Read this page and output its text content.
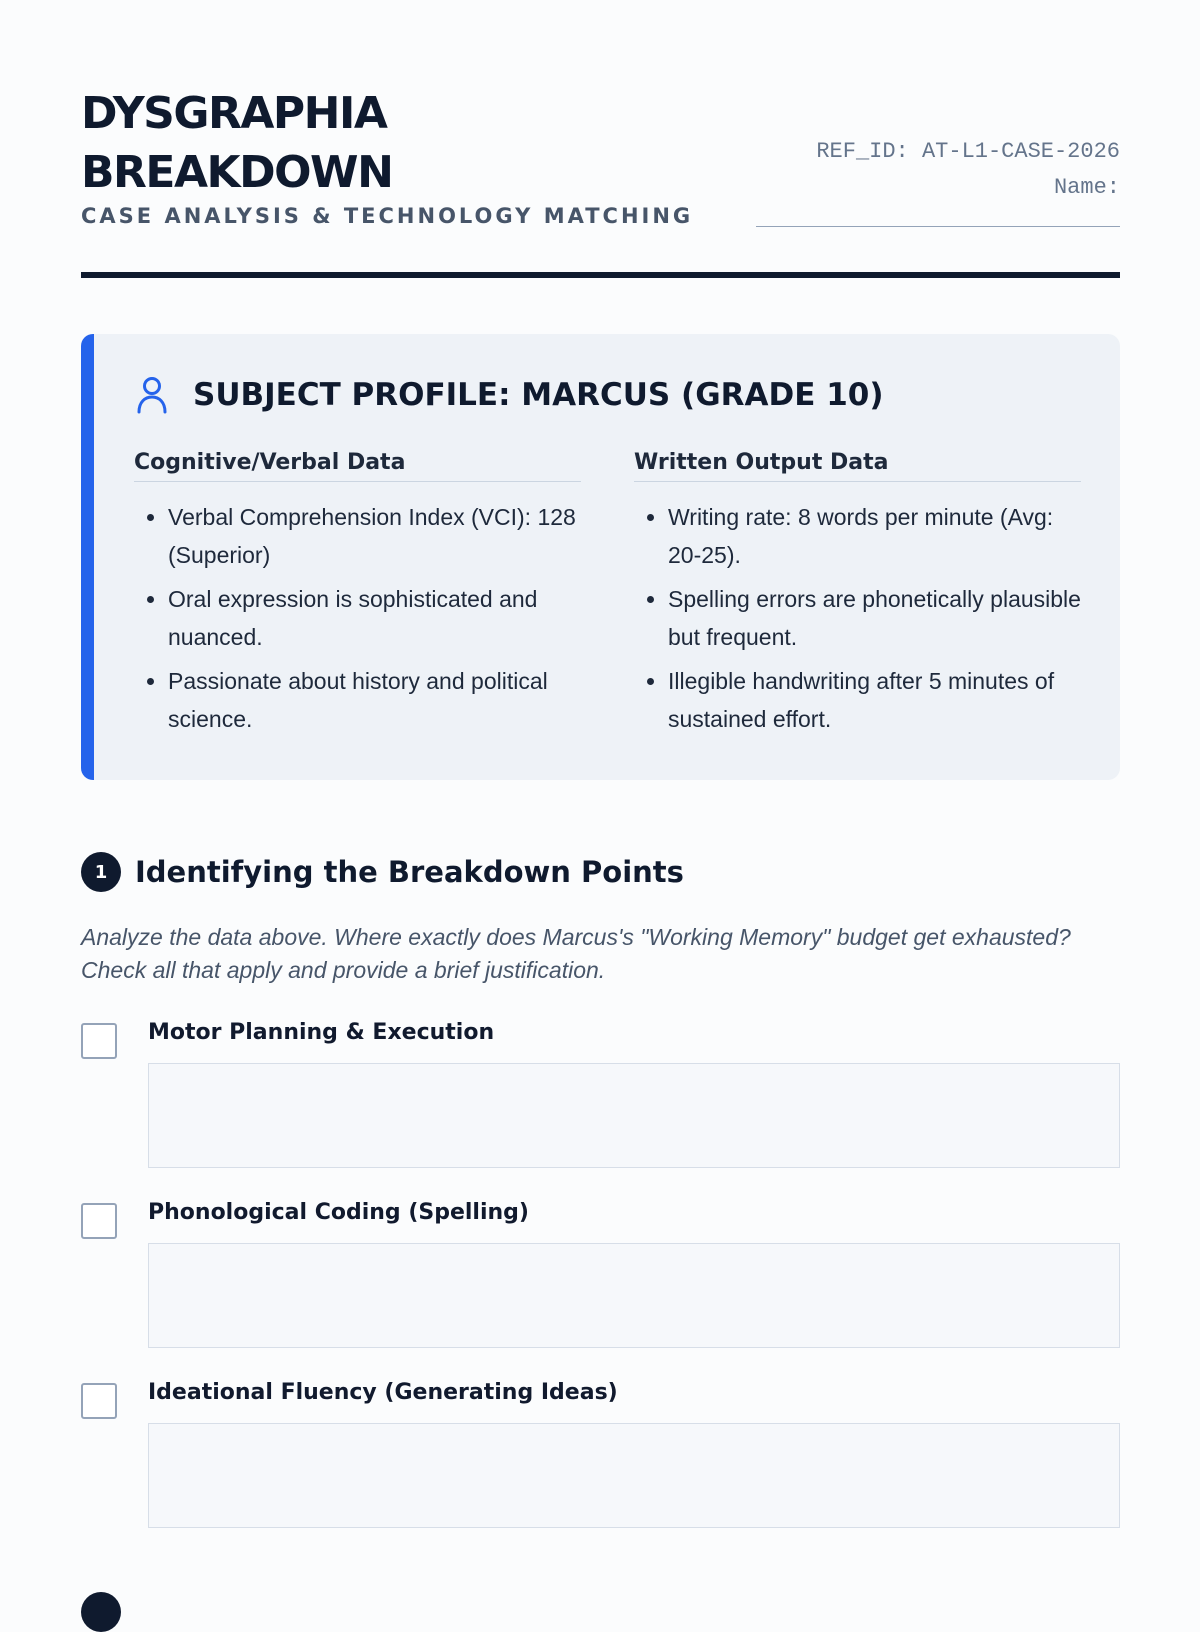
DYSGRAPHIA
BREAKDOWN
CASE ANALYSIS & TECHNOLOGY MATCHING
REF_ID: AT-L1-CASE-2026
Name:
SUBJECT PROFILE: MARCUS (GRADE 10)
Cognitive/Verbal Data
• Verbal Comprehension Index (VCI): 128 (Superior)
• Oral expression is sophisticated and nuanced.
• Passionate about history and political science.
Written Output Data
• Writing rate: 8 words per minute (Avg: 20-25).
• Spelling errors are phonetically plausible but frequent.
• Illegible handwriting after 5 minutes of sustained effort.
1 Identifying the Breakdown Points
Analyze the data above. Where exactly does Marcus's "Working Memory" budget get exhausted? Check all that apply and provide a brief justification.
Motor Planning & Execution
Phonological Coding (Spelling)
Ideational Fluency (Generating Ideas)
